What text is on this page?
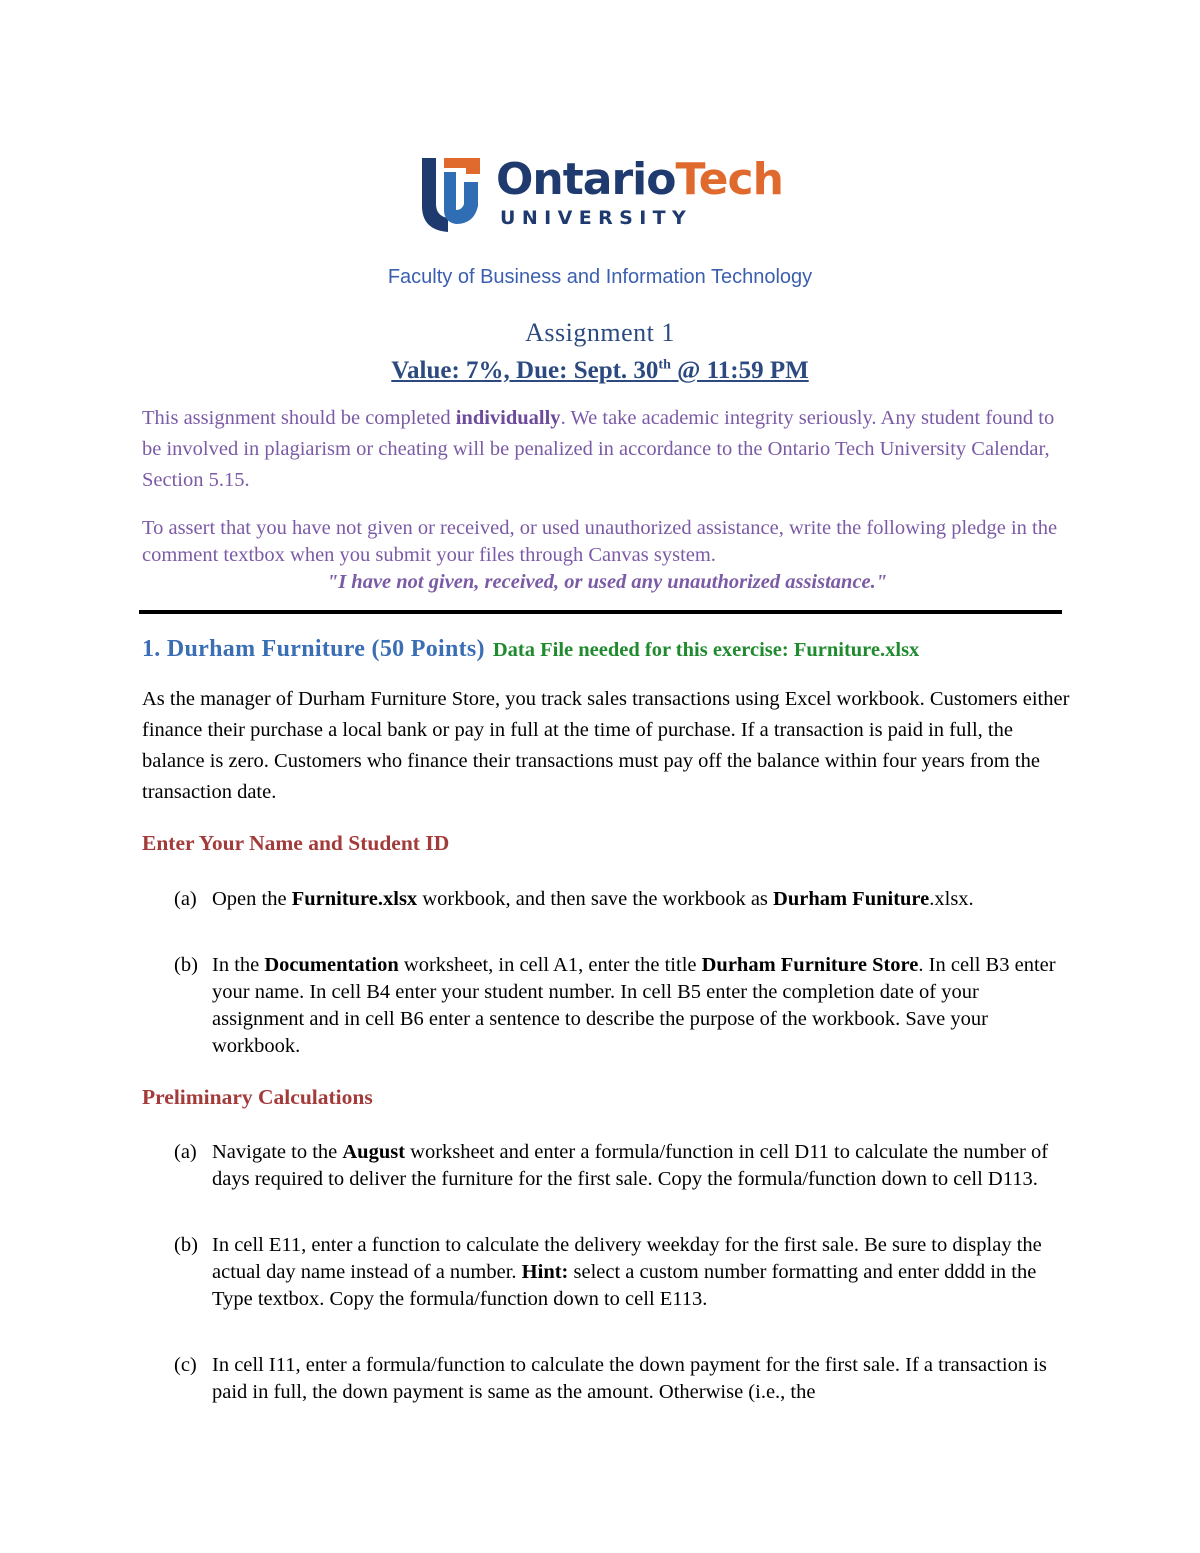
OntarioTech
UNIVERSITY
Faculty of Business and Information Technology
Assignment 1
Value: 7%, Due: Sept. 30th @ 11:59 PM

This assignment should be completed individually. We take academic integrity seriously. Any student found to be involved in plagiarism or cheating will be penalized in accordance to the Ontario Tech University Calendar, Section 5.15.

To assert that you have not given or received, or used unauthorized assistance, write the following pledge in the comment textbox when you submit your files through Canvas system.
"I have not given, received, or used any unauthorized assistance."

1. Durham Furniture (50 Points) Data File needed for this exercise: Furniture.xlsx

As the manager of Durham Furniture Store, you track sales transactions using Excel workbook. Customers either finance their purchase a local bank or pay in full at the time of purchase. If a transaction is paid in full, the balance is zero. Customers who finance their transactions must pay off the balance within four years from the transaction date.

Enter Your Name and Student ID
(a) Open the Furniture.xlsx workbook, and then save the workbook as Durham Funiture.xlsx.
(b) In the Documentation worksheet, in cell A1, enter the title Durham Furniture Store. In cell B3 enter your name. In cell B4 enter your student number. In cell B5 enter the completion date of your assignment and in cell B6 enter a sentence to describe the purpose of the workbook. Save your workbook.
Preliminary Calculations
(a) Navigate to the August worksheet and enter a formula/function in cell D11 to calculate the number of days required to deliver the furniture for the first sale. Copy the formula/function down to cell D113.
(b) In cell E11, enter a function to calculate the delivery weekday for the first sale. Be sure to display the actual day name instead of a number. Hint: select a custom number formatting and enter dddd in the Type textbox. Copy the formula/function down to cell E113.
(c) In cell I11, enter a formula/function to calculate the down payment for the first sale. If a transaction is paid in full, the down payment is same as the amount. Otherwise (i.e., the
